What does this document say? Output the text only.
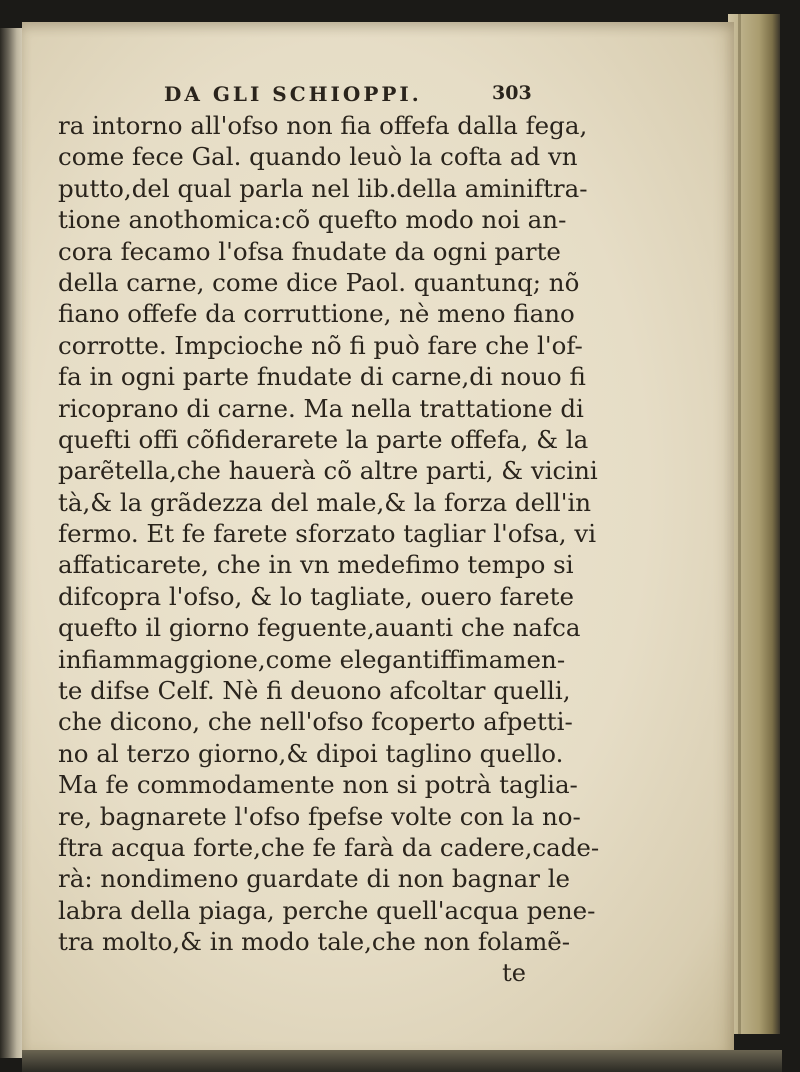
DA GLI SCHIOPPI.	303
ra intorno all'ofso non fia offefa dalla fega,
come fece Gal. quando leuò la cofta ad vn
putto,del qual parla nel lib.della aminiftra-
tione anothomica:cõ quefto modo noi an-
cora fecamo l'ofsa fnudate da ogni parte
della carne, come dice Paol. quantunq; nõ
fiano offefe da corruttione, nè meno fiano
corrotte. Impcioche nõ fi può fare che l'of-
fa in ogni parte fnudate di carne,di nouo fi
ricoprano di carne. Ma nella trattatione di
quefti offi cõfiderarete la parte offefa, & la
parẽtella,che hauerà cõ altre parti, & vicini
tà,& la grãdezza del male,& la forza dell'in
fermo. Et fe farete sforzato tagliar l'ofsa, vi
affaticarete, che in vn medefimo tempo si
difcopra l'ofso, & lo tagliate, ouero farete
quefto il giorno feguente,auanti che nafca
infiammaggione,come elegantiffimamen-
te difse Celf. Nè fi deuono afcoltar quelli,
che dicono, che nell'ofso fcoperto afpetti-
no al terzo giorno,& dipoi taglino quello.
Ma fe commodamente non si potrà taglia-
re, bagnarete l'ofso fpefse volte con la no-
ftra acqua forte,che fe farà da cadere,cade-
rà: nondimeno guardate di non bagnar le
labra della piaga, perche quell'acqua pene-
tra molto,& in modo tale,che non folamẽ-
te
